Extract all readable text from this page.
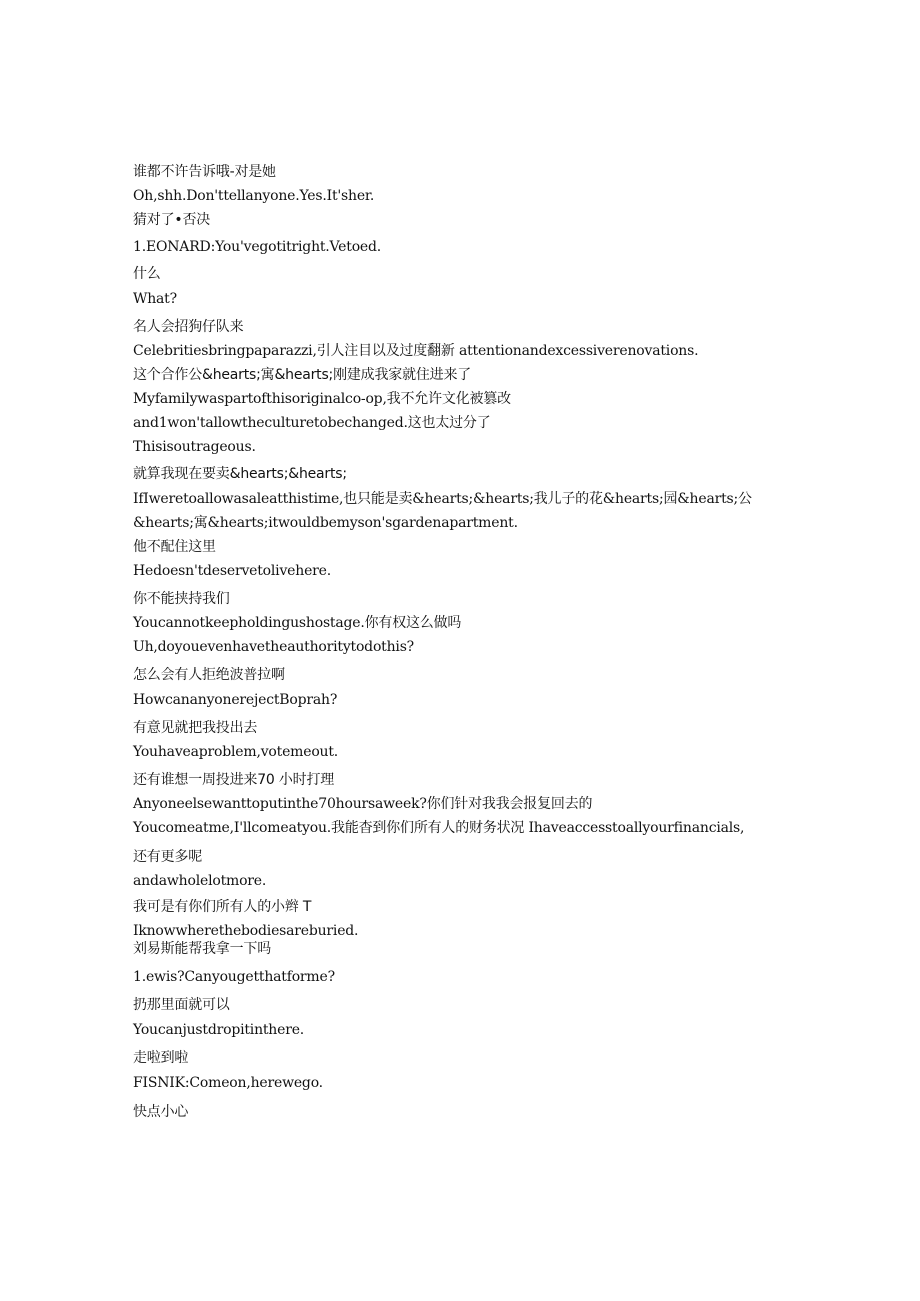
谁都不许告诉哦-对是她
Oh,shh.Don'ttellanyone.Yes.It'sher.
猜对了•否决
1.EONARD:You'vegotitright.Vetoed.
什么
What?
名人会招狗仔队来
Celebritiesbringpaparazzi,引人注目以及过度翻新 attentionandexcessiverenovations.
这个合作公&hearts;寓&hearts;刚建成我家就住进来了
Myfamilywaspartofthisoriginalco-op,我不允许文化被篡改
and1won'tallowtheculturetobechanged.这也太过分了
Thisisoutrageous.
就算我现在要卖&hearts;&hearts;
IfIweretoallowasaleatthistime,也只能是卖&hearts;&hearts;我儿子的花&hearts;园&hearts;公
&hearts;寓&hearts;itwouldbemyson'sgardenapartment.
他不配住这里
Hedoesn'tdeservetolivehere.
你不能挟持我们
Youcannotkeepholdingushostage.你有权这么做吗
Uh,doyouevenhavetheauthoritytodothis?
怎么会有人拒绝波普拉啊
HowcananyonerejectBoprah?
有意见就把我投出去
Youhaveaproblem,votemeout.
还有谁想一周投进来70 小时打理
Anyoneelsewanttoputinthe70hoursaweek?你们针对我我会报复回去的
Youcomeatme,I'llcomeatyou.我能杳到你们所有人的财务状况 Ihaveaccesstoallyourfinancials,
还有更多呢
andawholelotmore.
我可是有你们所有人的小辫 T
Iknowwherethebodiesareburied.
刘易斯能帮我拿一下吗
1.ewis?Canyougetthatforme?
扔那里面就可以
Youcanjustdropitinthere.
走啦到啦
FISNIK:Comeon,herewego.
快点小心
